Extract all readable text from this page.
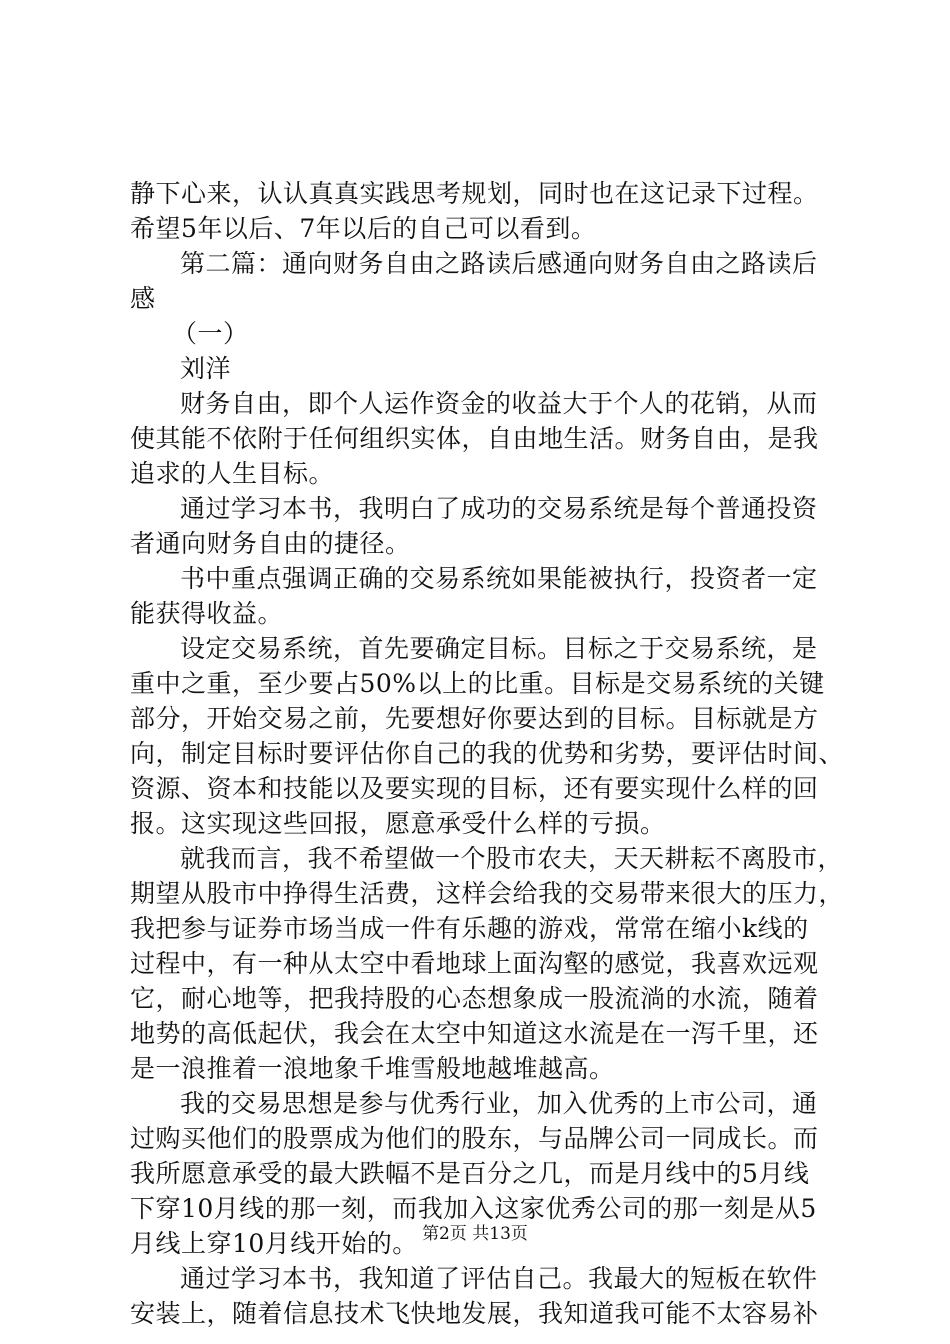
静下心来，认认真真实践思考规划，同时也在这记录下过程。
希望5年以后、7年以后的自己可以看到。
第二篇：通向财务自由之路读后感通向财务自由之路读后
感
（一）
刘洋
财务自由，即个人运作资金的收益大于个人的花销，从而
使其能不依附于任何组织实体，自由地生活。财务自由，是我
追求的人生目标。
通过学习本书，我明白了成功的交易系统是每个普通投资
者通向财务自由的捷径。
书中重点强调正确的交易系统如果能被执行，投资者一定
能获得收益。
设定交易系统，首先要确定目标。目标之于交易系统，是
重中之重，至少要占50%以上的比重。目标是交易系统的关键
部分，开始交易之前，先要想好你要达到的目标。目标就是方
向，制定目标时要评估你自己的我的优势和劣势，要评估时间、
资源、资本和技能以及要实现的目标，还有要实现什么样的回
报。这实现这些回报，愿意承受什么样的亏损。
就我而言，我不希望做一个股市农夫，天天耕耘不离股市，
期望从股市中挣得生活费，这样会给我的交易带来很大的压力，
我把参与证券市场当成一件有乐趣的游戏，常常在缩小k线的
过程中，有一种从太空中看地球上面沟壑的感觉，我喜欢远观
它，耐心地等，把我持股的心态想象成一股流淌的水流，随着
地势的高低起伏，我会在太空中知道这水流是在一泻千里，还
是一浪推着一浪地象千堆雪般地越堆越高。
我的交易思想是参与优秀行业，加入优秀的上市公司，通
过购买他们的股票成为他们的股东，与品牌公司一同成长。而
我所愿意承受的最大跌幅不是百分之几，而是月线中的5月线
下穿10月线的那一刻，而我加入这家优秀公司的那一刻是从5
月线上穿10月线开始的。
通过学习本书，我知道了评估自己。我最大的短板在软件
安装上，随着信息技术飞快地发展，我知道我可能不太容易补
第2页 共13页
